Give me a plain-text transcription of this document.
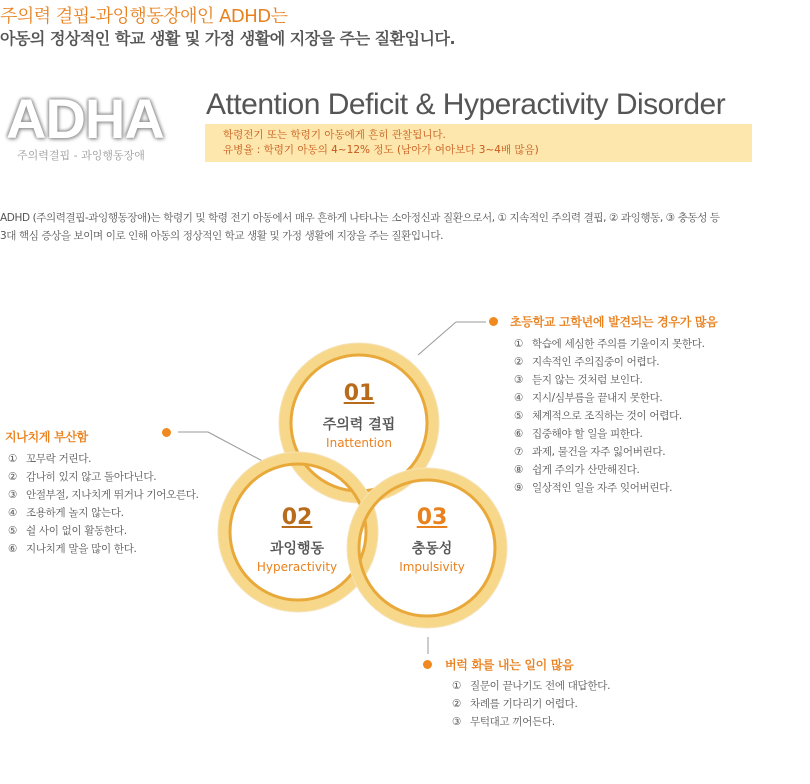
주의력 결핍-과잉행동장애인 ADHD는
아동의 정상적인 학교 생활 및 가정 생활에 지장을 주는 질환입니다.
ADHA
주의력결핍 - 과잉행동장애
Attention Deficit & Hyperactivity Disorder
학령전기 또는 학령기 아동에게 흔히 관찰됩니다.
유병율 : 학령기 아동의 4~12% 정도 (남아가 여아보다 3~4배 많음)
ADHD (주의력결핍-과잉행동장애)는 학령기 및 학령 전기 아동에서 매우 흔하게 나타나는 소아정신과 질환으로서, ① 지속적인 주의력 결핍, ② 과잉행동, ③ 충동성 등
3대 핵심 증상을 보이며 이로 인해 아동의 정상적인 학교 생활 및 가정 생활에 지장을 주는 질환입니다.
01
주의력 결핍
Inattention
02
과잉행동
Hyperactivity
03
충동성
Impulsivity
초등학교 고학년에 발견되는 경우가 많음
① 학습에 세심한 주의를 기울이지 못한다.
② 지속적인 주의집중이 어렵다.
③ 듣지 않는 것처럼 보인다.
④ 지시/심부름을 끝내지 못한다.
⑤ 체계적으로 조직하는 것이 어렵다.
⑥ 집중해야 할 일을 피한다.
⑦ 과제, 물건을 자주 잃어버린다.
⑧ 쉽게 주의가 산만해진다.
⑨ 일상적인 일을 자주 잊어버린다.
지나치게 부산함
① 꼬무락 거린다.
② 감나히 있지 않고 돌아다닌다.
③ 안절부절, 지나치게 뛰거나 기어오른다.
④ 조용하게 놀지 않는다.
⑤ 쉴 사이 없이 활동한다.
⑥ 지나치게 말을 많이 한다.
버럭 화를 내는 일이 많음
① 질문이 끝나기도 전에 대답한다.
② 차례를 기다리기 어렵다.
③ 무턱대고 끼어든다.
